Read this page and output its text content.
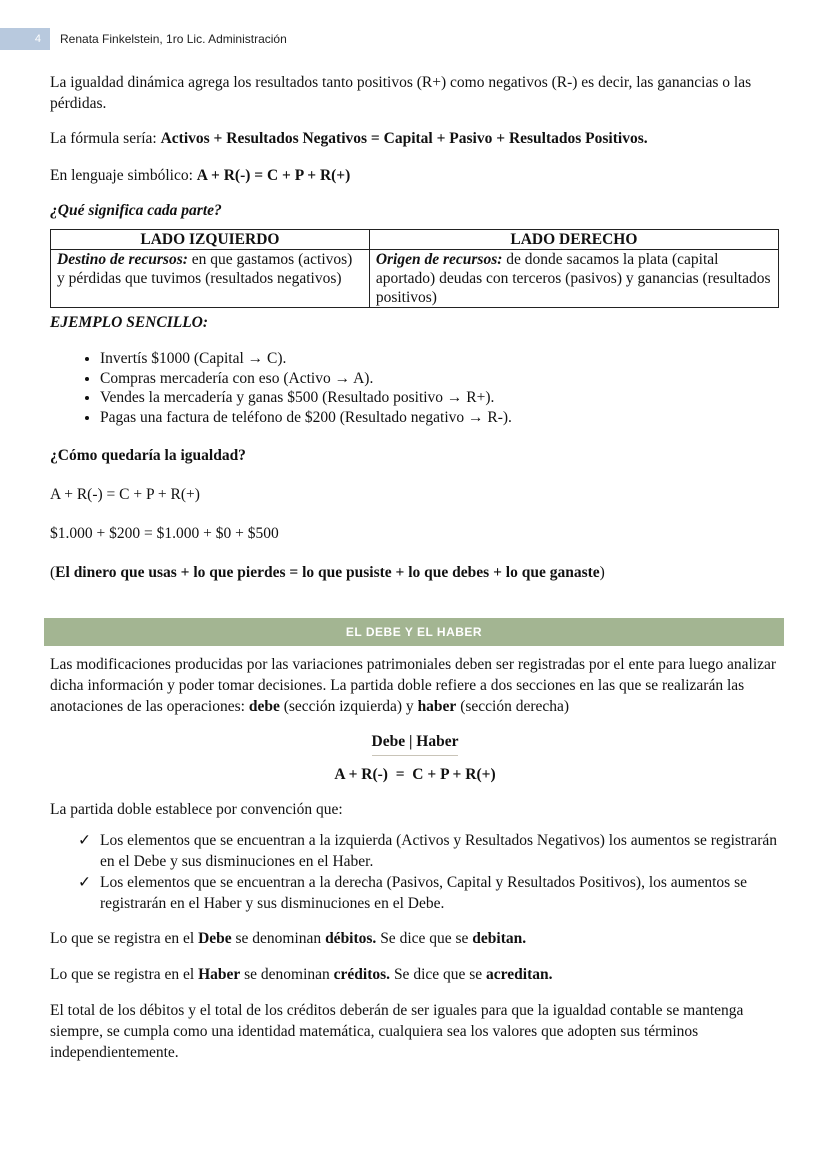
4	Renata Finkelstein, 1ro Lic. Administración

La igualdad dinámica agrega los resultados tanto positivos (R+) como negativos (R-) es decir, las ganancias o las pérdidas.

La fórmula sería: Activos + Resultados Negativos = Capital + Pasivo + Resultados Positivos.

En lenguaje simbólico: A + R(-) = C + P + R(+)

¿Qué significa cada parte?

LADO IZQUIERDO	LADO DERECHO
Destino de recursos: en que gastamos (activos) y pérdidas que tuvimos (resultados negativos)	Origen de recursos: de donde sacamos la plata (capital aportado) deudas con terceros (pasivos) y ganancias (resultados positivos)

EJEMPLO SENCILLO:

• Invertís $1000 (Capital → C).
• Compras mercadería con eso (Activo → A).
• Vendes la mercadería y ganas $500 (Resultado positivo → R+).
• Pagas una factura de teléfono de $200 (Resultado negativo → R-).

¿Cómo quedaría la igualdad?

A + R(-) = C + P + R(+)

$1.000 + $200 = $1.000 + $0 + $500

(El dinero que usas + lo que pierdes = lo que pusiste + lo que debes + lo que ganaste)

EL DEBE Y EL HABER

Las modificaciones producidas por las variaciones patrimoniales deben ser registradas por el ente para luego analizar dicha información y poder tomar decisiones. La partida doble refiere a dos secciones en las que se realizarán las anotaciones de las operaciones: debe (sección izquierda) y haber (sección derecha)

Debe | Haber

A + R(-)  =  C + P + R(+)

La partida doble establece por convención que:

✓ Los elementos que se encuentran a la izquierda (Activos y Resultados Negativos) los aumentos se registrarán en el Debe y sus disminuciones en el Haber.
✓ Los elementos que se encuentran a la derecha (Pasivos, Capital y Resultados Positivos), los aumentos se registrarán en el Haber y sus disminuciones en el Debe.

Lo que se registra en el Debe se denominan débitos. Se dice que se debitan.

Lo que se registra en el Haber se denominan créditos. Se dice que se acreditan.

El total de los débitos y el total de los créditos deberán de ser iguales para que la igualdad contable se mantenga siempre, se cumpla como una identidad matemática, cualquiera sea los valores que adopten sus términos independientemente.
